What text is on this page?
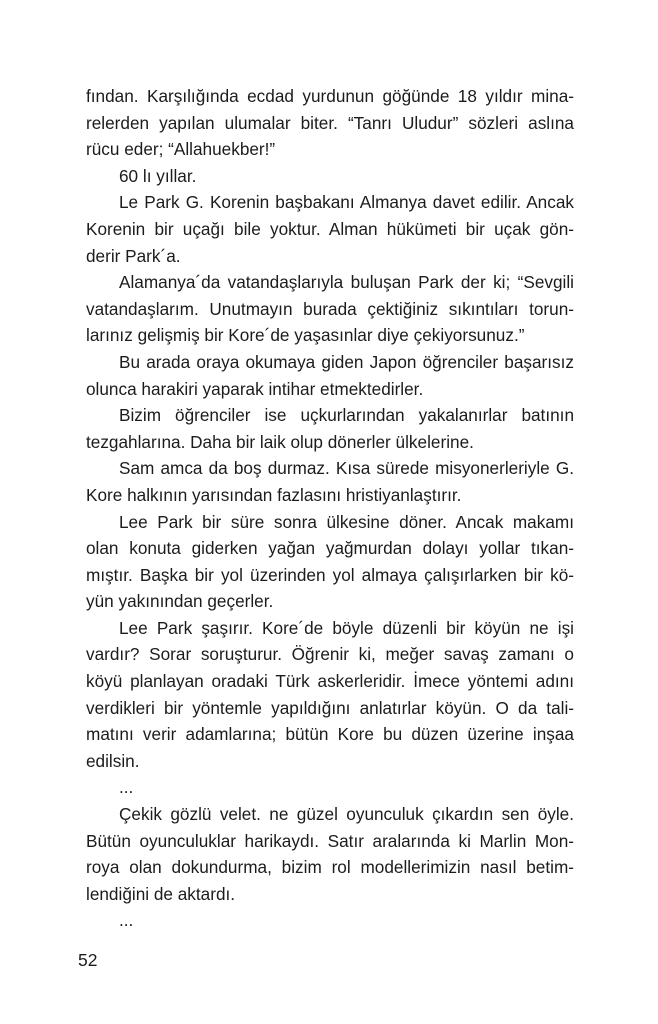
fından. Karşılığında ecdad yurdunun göğünde 18 yıldır mina-
relerden yapılan ulumalar biter. “Tanrı Uludur” sözleri aslına
rücu eder; “Allahuekber!”
60 lı yıllar.
Le Park G. Korenin başbakanı Almanya davet edilir. Ancak
Korenin bir uçağı bile yoktur. Alman hükümeti bir uçak gön-
derir Park´a.
Alamanya´da vatandaşlarıyla buluşan Park der ki; “Sevgili
vatandaşlarım. Unutmayın burada çektiğiniz sıkıntıları torun-
larınız gelişmiş bir Kore´de yaşasınlar diye çekiyorsunuz.”
Bu arada oraya okumaya giden Japon öğrenciler başarısız
olunca harakiri yaparak intihar etmektedirler.
Bizim öğrenciler ise uçkurlarından yakalanırlar batının
tezgahlarına. Daha bir laik olup dönerler ülkelerine.
Sam amca da boş durmaz. Kısa sürede misyonerleriyle G.
Kore halkının yarısından fazlasını hristiyanlaştırır.
Lee Park bir süre sonra ülkesine döner. Ancak makamı
olan konuta giderken yağan yağmurdan dolayı yollar tıkan-
mıştır. Başka bir yol üzerinden yol almaya çalışırlarken bir kö-
yün yakınından geçerler.
Lee Park şaşırır. Kore´de böyle düzenli bir köyün ne işi
vardır? Sorar soruşturur. Öğrenir ki, meğer savaş zamanı o
köyü planlayan oradaki Türk askerleridir. İmece yöntemi adını
verdikleri bir yöntemle yapıldığını anlatırlar köyün. O da tali-
matını verir adamlarına; bütün Kore bu düzen üzerine inşaa
edilsin.
...
Çekik gözlü velet. ne güzel oyunculuk çıkardın sen öyle.
Bütün oyunculuklar harikaydı. Satır aralarında ki Marlin Mon-
roya olan dokundurma, bizim rol modellerimizin nasıl betim-
lendiğini de aktardı.
...
52
